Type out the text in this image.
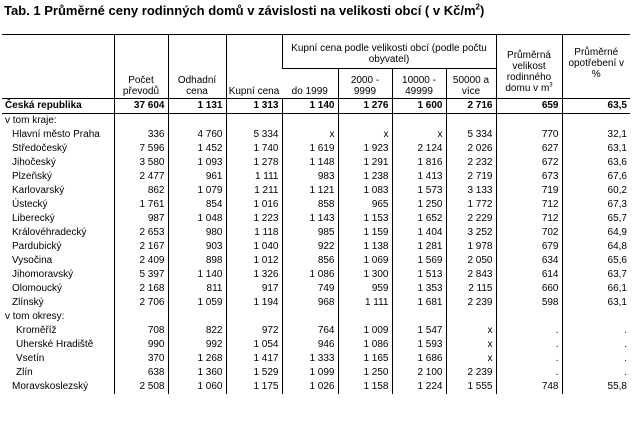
Tab. 1 Průměrné ceny rodinných domů v závislosti na velikosti obcí ( v $Kč/m^2$)
	Počet převodů	Odhadní cena	Kupní cena	Kupní cena podle velikosti obcí (podle počtu obyvatel)				Průměrná velikost rodinného domu v $m^3$	Průměrné opotřebení v %
				do 1999	2000 - 9999	10000 - 49999	50000 a více		
Česká republika	37 604	1 131	1 313	1 140	1 276	1 600	2 716	659	63,5
v tom kraje:									
Hlavní město Praha	336	4 760	5 334	x	x	x	5 334	770	32,1
Středočeský	7 596	1 452	1 740	1 619	1 923	2 124	2 026	627	63,1
Jihočeský	3 580	1 093	1 278	1 148	1 291	1 816	2 232	672	63,6
Plzeňský	2 477	961	1 111	983	1 238	1 413	2 719	673	67,6
Karlovarský	862	1 079	1 211	1 121	1 083	1 573	3 133	719	60,2
Ústecký	1 761	854	1 016	858	965	1 250	1 772	712	67,3
Liberecký	987	1 048	1 223	1 143	1 153	1 652	2 229	712	65,7
Královéhradecký	2 653	980	1 118	985	1 159	1 404	3 252	702	64,9
Pardubický	2 167	903	1 040	922	1 138	1 281	1 978	679	64,8
Vysočina	2 409	898	1 012	856	1 069	1 569	2 050	634	65,6
Jihomoravský	5 397	1 140	1 326	1 086	1 300	1 513	2 843	614	63,7
Olomoucký	2 168	811	917	749	959	1 353	2 115	660	66,1
Zlínský	2 706	1 059	1 194	968	1 111	1 681	2 239	598	63,1
v tom okresy:									
Kroměříž	708	822	972	764	1 009	1 547	x	.	.
Uherské Hradiště	990	992	1 054	946	1 086	1 593	x	.	.
Vsetín	370	1 268	1 417	1 333	1 165	1 686	x	.	.
Zlín	638	1 360	1 529	1 099	1 250	2 100	2 239	.	.
Moravskoslezský	2 508	1 060	1 175	1 026	1 158	1 224	1 555	748	55,8
